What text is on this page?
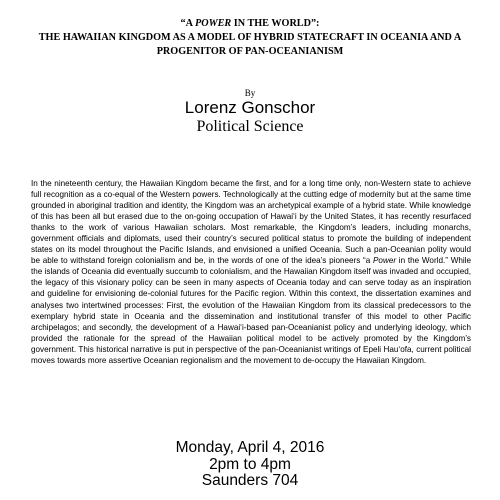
“A POWER IN THE WORLD”:
THE HAWAIIAN KINGDOM AS A MODEL OF HYBRID STATECRAFT IN OCEANIA AND A PROGENITOR OF PAN-OCEANIANISM
By
Lorenz Gonschor
Political Science

In the nineteenth century, the Hawaiian Kingdom became the first, and for a long time only, non-Western state to achieve full recognition as a co-equal of the Western powers. Technologically at the cutting edge of modernity but at the same time grounded in aboriginal tradition and identity, the Kingdom was an archetypical example of a hybrid state. While knowledge of this has been all but erased due to the on-going occupation of Hawai‘i by the United States, it has recently resurfaced thanks to the work of various Hawaiian scholars. Most remarkable, the Kingdom’s leaders, including monarchs, government officials and diplomats, used their country’s secured political status to promote the building of independent states on its model throughout the Pacific Islands, and envisioned a unified Oceania. Such a pan-Oceanian polity would be able to withstand foreign colonialism and be, in the words of one of the idea’s pioneers “a Power in the World.” While the islands of Oceania did eventually succumb to colonialism, and the Hawaiian Kingdom itself was invaded and occupied, the legacy of this visionary policy can be seen in many aspects of Oceania today and can serve today as an inspiration and guideline for envisioning de-colonial futures for the Pacific region. Within this context, the dissertation examines and analyses two intertwined processes: First, the evolution of the Hawaiian Kingdom from its classical predecessors to the exemplary hybrid state in Oceania and the dissemination and institutional transfer of this model to other Pacific archipelagos; and secondly, the development of a Hawai‘i-based pan-Oceanianist policy and underlying ideology, which provided the rationale for the spread of the Hawaiian political model to be actively promoted by the Kingdom’s government. This historical narrative is put in perspective of the pan-Oceanianist writings of Epeli Hau‘ofa, current political moves towards more assertive Oceanian regionalism and the movement to de-occupy the Hawaiian Kingdom.

Monday, April 4, 2016
2pm to 4pm
Saunders 704
